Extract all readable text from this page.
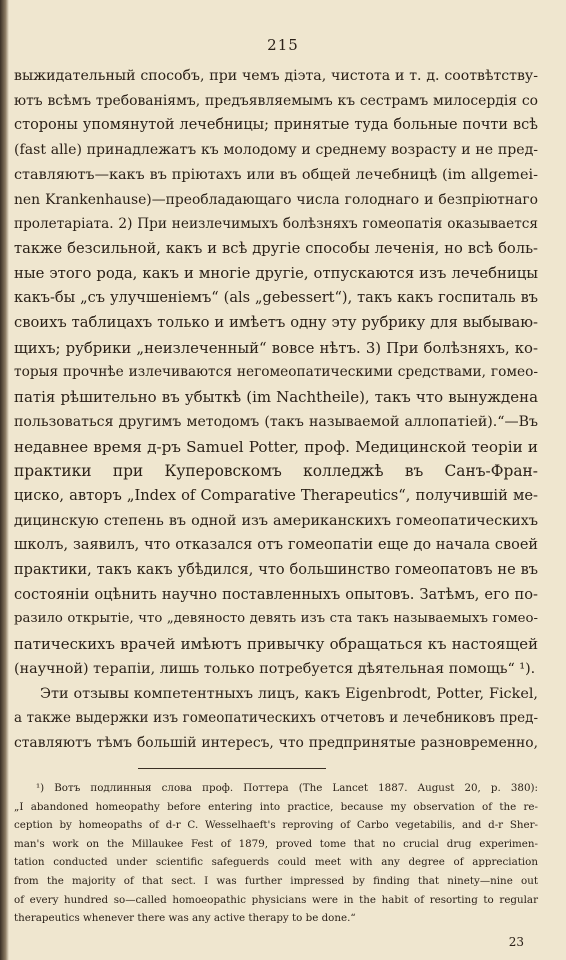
215
выжидательный способъ, при чемъ діэта, чистота и т. д. соотвѣтству-
ютъ всѣмъ требованіямъ, предъявляемымъ къ сестрамъ милосердія со
стороны упомянутой лечебницы; принятые туда больные почти всѣ
(fast alle) принадлежатъ къ молодому и среднему возрасту и не пред-
ставляютъ—какъ въ пріютахъ или въ общей лечебницѣ (im allgemei-
nen Krankenhause)—преобладающаго числа голоднаго и безпріютнаго
пролетаріата. 2) При неизлечимыхъ болѣзняхъ гомеопатія оказывается
также безсильной, какъ и всѣ другіе способы леченія, но всѣ боль-
ные этого рода, какъ и многіе другіе, отпускаются изъ лечебницы
какъ-бы „съ улучшеніемъ“ (als „gebessert“), такъ какъ госпиталь въ
своихъ таблицахъ только и имѣетъ одну эту рубрику для выбываю-
щихъ; рубрики „неизлеченный“ вовсе нѣтъ. 3) При болѣзняхъ, ко-
торыя прочнѣе излечиваются негомеопатическими средствами, гомео-
патія рѣшительно въ убыткѣ (im Nachtheile), такъ что вынуждена
пользоваться другимъ методомъ (такъ называемой аллопатіей).“—Въ
недавнее время д-ръ Samuel Potter, проф. Медицинской теоріи и
практики при Куперовскомъ колледжѣ въ Санъ-Фран-
циско, авторъ „Index of Comparative Therapeutics“, получившій ме-
дицинскую степень въ одной изъ американскихъ гомеопатическихъ
школъ, заявилъ, что отказался отъ гомеопатіи еще до начала своей
практики, такъ какъ убѣдился, что большинство гомеопатовъ не въ
состояніи оцѣнить научно поставленныхъ опытовъ. Затѣмъ, его по-
разило открытіе, что „девяносто девять изъ ста такъ называемыхъ гомео-
патическихъ врачей имѣютъ привычку обращаться къ настоящей
(научной) терапіи, лишь только потребуется дѣятельная помощь“ ¹).
Эти отзывы компетентныхъ лицъ, какъ Eigenbrodt, Potter, Fickel,
а также выдержки изъ гомеопатическихъ отчетовъ и лечебниковъ пред-
ставляютъ тѣмъ большій интересъ, что предпринятые разновременно,
¹) Вотъ подлинныя слова проф. Поттера (The Lancet 1887. August 20, p. 380):
„I abandoned homeopathy before entering into practice, because my observation of the re-
ception by homeopaths of d-r C. Wesselhaeft's reproving of Carbo vegetabilis, and d-r Sher-
man's work on the Millaukee Fest of 1879, proved tome that no crucial drug experimen-
tation conducted under scientific safeguerds could meet with any degree of appreciation
from the majority of that sect. I was further impressed by finding that ninety—nine out
of every hundred so—called homoeopathic physicians were in the habit of resorting to regular
therapeutics whenever there was any active therapy to be done.“
23
